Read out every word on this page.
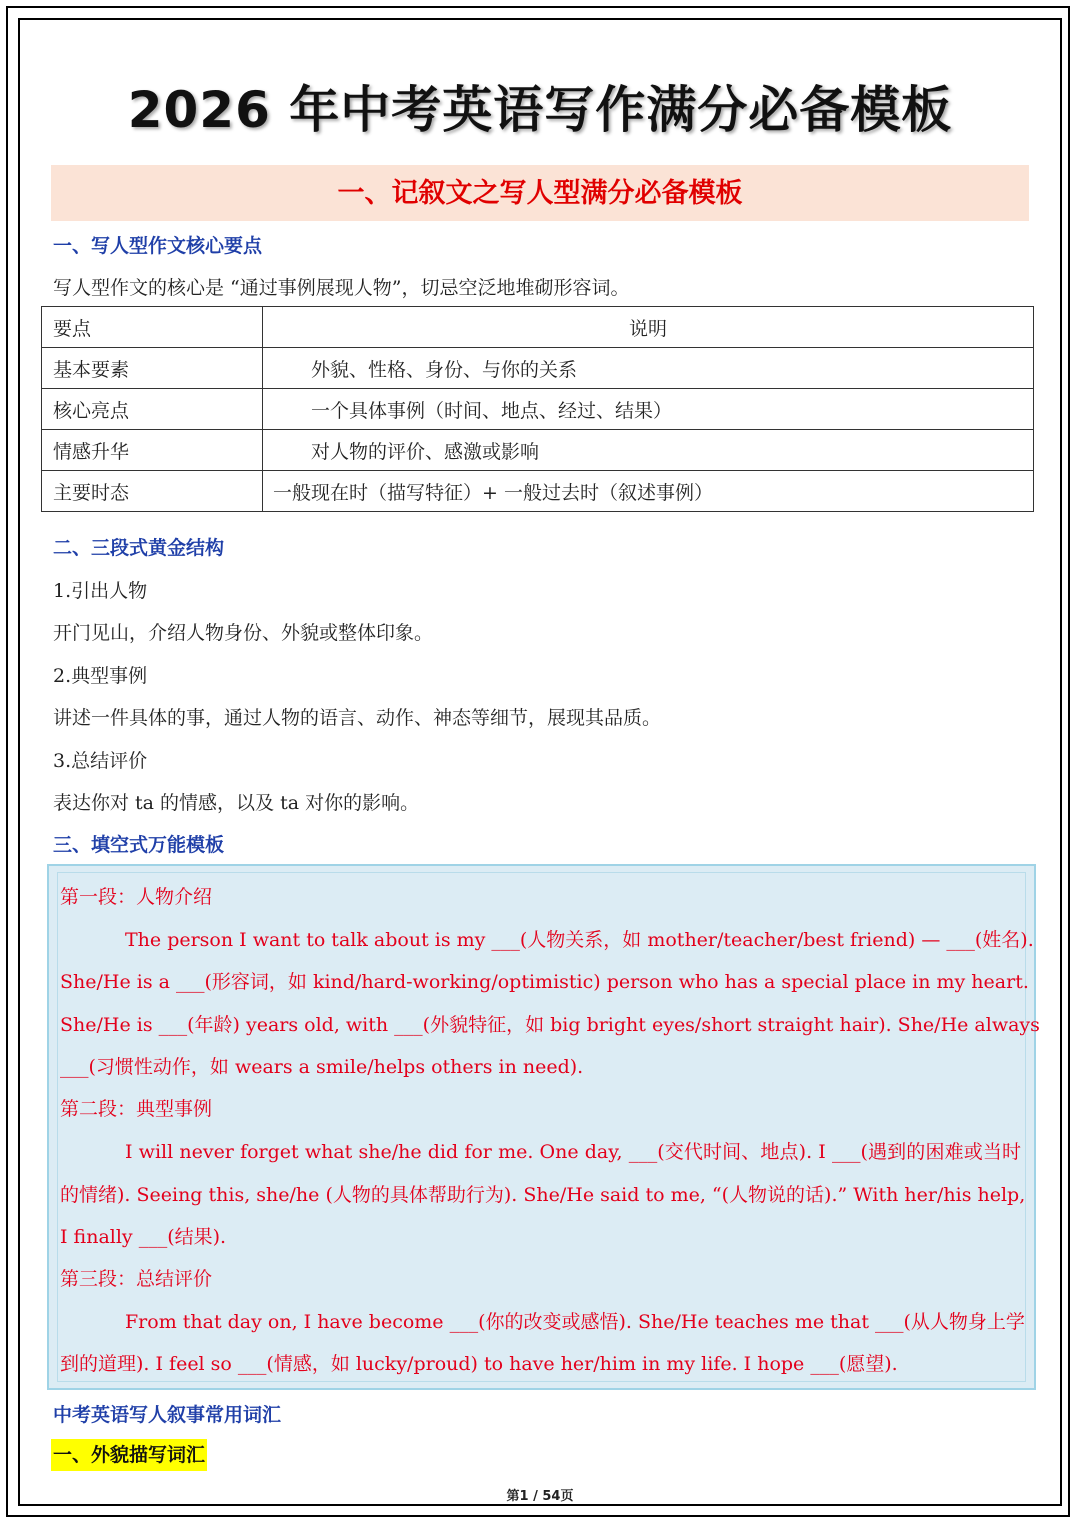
2026 年中考英语写作满分必备模板
一、记叙文之写人型满分必备模板
一、写人型作文核心要点
写人型作文的核心是 “通过事例展现人物”，切忌空泛地堆砌形容词。
要点	说明
基本要素	外貌、性格、身份、与你的关系
核心亮点	一个具体事例（时间、地点、经过、结果）
情感升华	对人物的评价、感激或影响
主要时态	一般现在时（描写特征）+ 一般过去时（叙述事例）
二、三段式黄金结构
1.引出人物
开门见山，介绍人物身份、外貌或整体印象。
2.典型事例
讲述一件具体的事，通过人物的语言、动作、神态等细节，展现其品质。
3.总结评价
表达你对 ta 的情感，以及 ta 对你的影响。
三、填空式万能模板
第一段：人物介绍
The person I want to talk about is my ___(人物关系，如 mother/teacher/best friend) — ___(姓名).
She/He is a ___(形容词，如 kind/hard-working/optimistic) person who has a special place in my heart.
She/He is ___(年龄) years old, with ___(外貌特征，如 big bright eyes/short straight hair). She/He always
___(习惯性动作，如 wears a smile/helps others in need).
第二段：典型事例
I will never forget what she/he did for me. One day, ___(交代时间、地点). I ___(遇到的困难或当时
的情绪). Seeing this, she/he (人物的具体帮助行为). She/He said to me, “(人物说的话).” With her/his help,
I finally ___(结果).
第三段：总结评价
From that day on, I have become ___(你的改变或感悟). She/He teaches me that ___(从人物身上学
到的道理). I feel so ___(情感，如 lucky/proud) to have her/him in my life. I hope ___(愿望).
中考英语写人叙事常用词汇
一、外貌描写词汇
第1 / 54页
